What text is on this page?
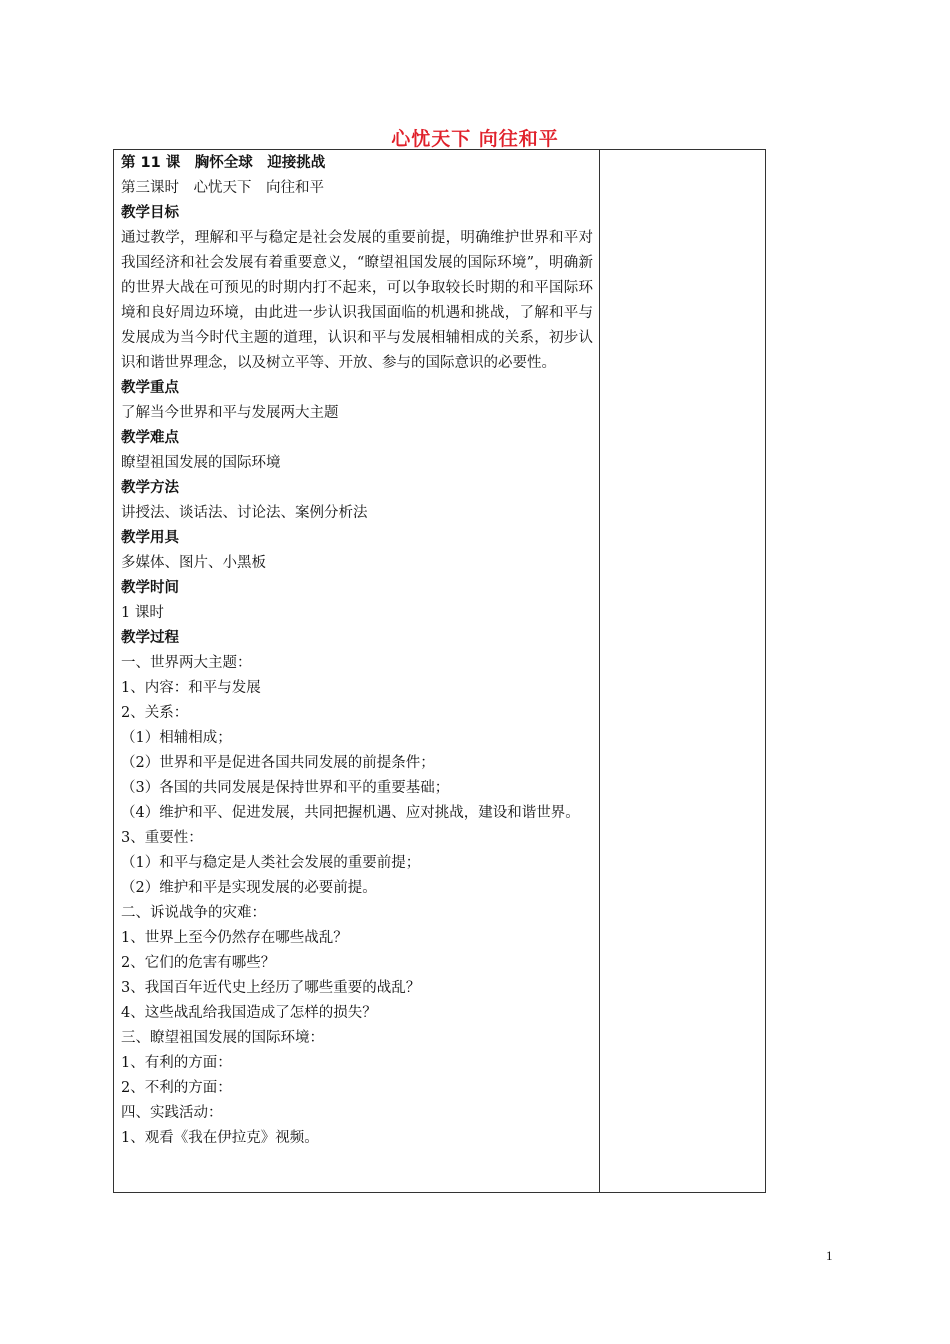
心忧天下 向往和平
第 11 课　胸怀全球　迎接挑战
第三课时　心忧天下　向往和平
教学目标
通过教学，理解和平与稳定是社会发展的重要前提，明确维护世界和平对我国经济和社会发展有着重要意义，“瞭望祖国发展的国际环境”，明确新的世界大战在可预见的时期内打不起来，可以争取较长时期的和平国际环境和良好周边环境，由此进一步认识我国面临的机遇和挑战，了解和平与发展成为当今时代主题的道理，认识和平与发展相辅相成的关系，初步认识和谐世界理念，以及树立平等、开放、参与的国际意识的必要性。
教学重点
了解当今世界和平与发展两大主题
教学难点
瞭望祖国发展的国际环境
教学方法
讲授法、谈话法、讨论法、案例分析法
教学用具
多媒体、图片、小黑板
教学时间
1 课时
教学过程
一、世界两大主题：
1、内容：和平与发展
2、关系：
（1）相辅相成；
（2）世界和平是促进各国共同发展的前提条件；
（3）各国的共同发展是保持世界和平的重要基础；
（4）维护和平、促进发展，共同把握机遇、应对挑战，建设和谐世界。
3、重要性：
（1）和平与稳定是人类社会发展的重要前提；
（2）维护和平是实现发展的必要前提。
二、诉说战争的灾难：
1、世界上至今仍然存在哪些战乱？
2、它们的危害有哪些？
3、我国百年近代史上经历了哪些重要的战乱？
4、这些战乱给我国造成了怎样的损失？
三、瞭望祖国发展的国际环境：
1、有利的方面：
2、不利的方面：
四、实践活动：
1、观看《我在伊拉克》视频。
1
